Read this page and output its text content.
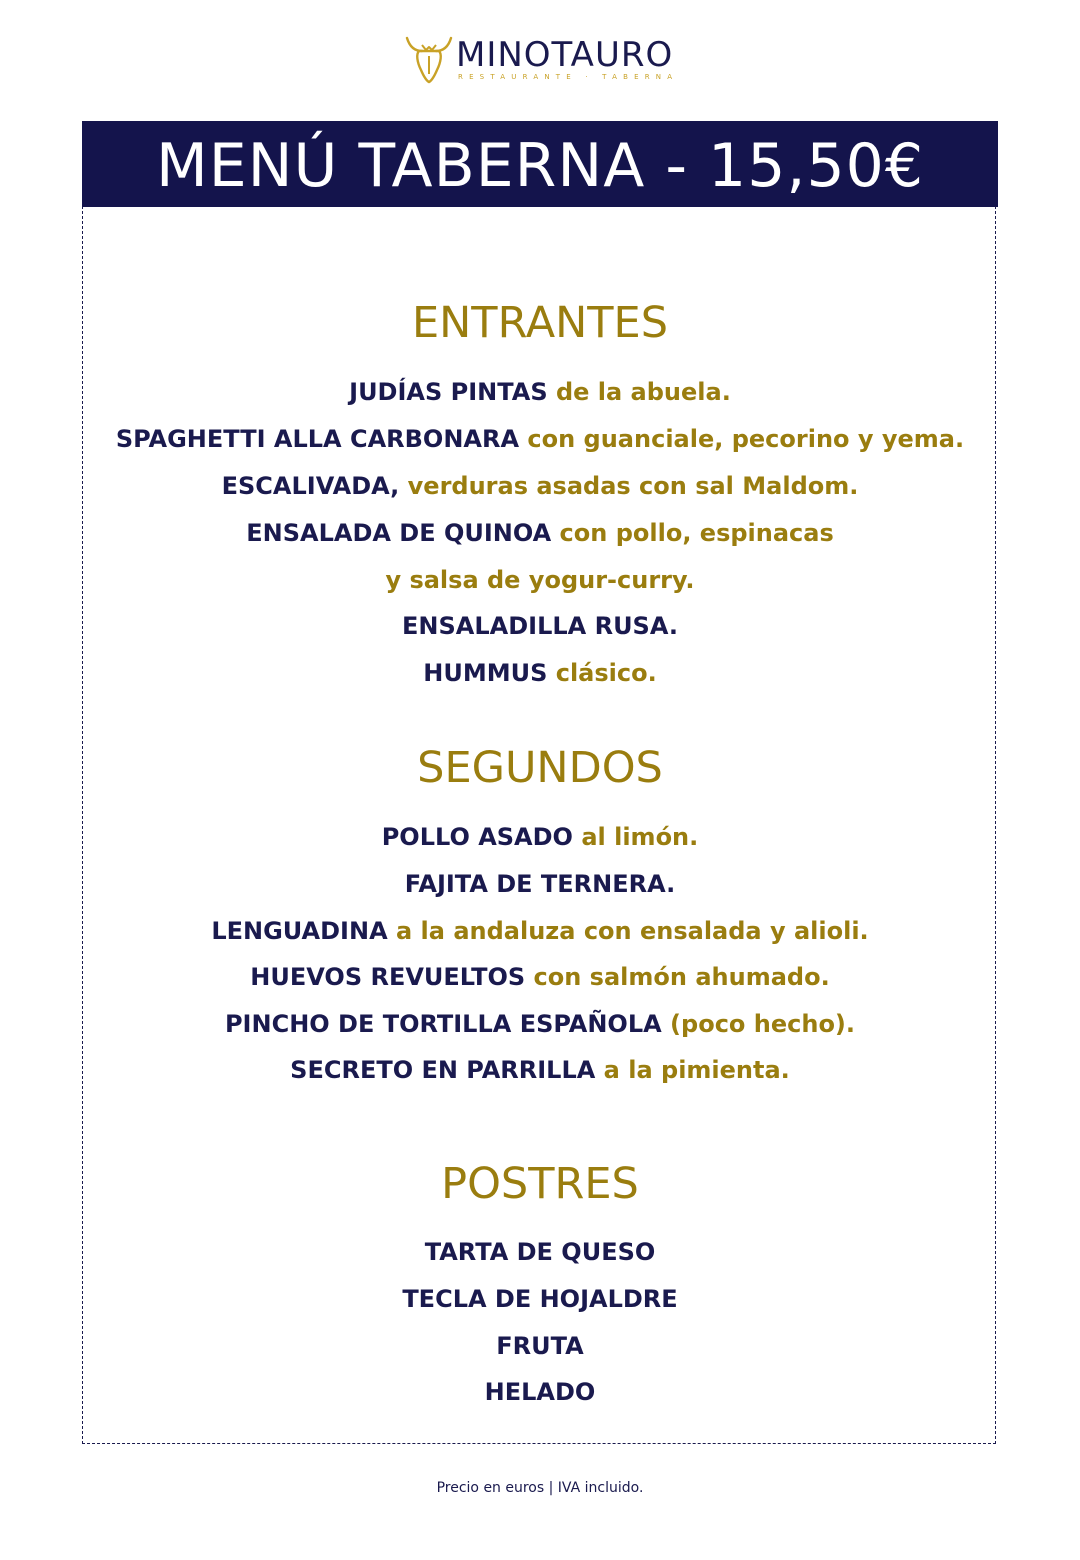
MINOTAURO
RESTAURANTE · TABERNA
MENÚ TABERNA - 15,50€
ENTRANTES
JUDÍAS PINTAS de la abuela.
SPAGHETTI ALLA CARBONARA con guanciale, pecorino y yema.
ESCALIVADA, verduras asadas con sal Maldom.
ENSALADA DE QUINOA con pollo, espinacas
y salsa de yogur-curry.
ENSALADILLA RUSA.
HUMMUS clásico.
SEGUNDOS
POLLO ASADO al limón.
FAJITA DE TERNERA.
LENGUADINA a la andaluza con ensalada y alioli.
HUEVOS REVUELTOS con salmón ahumado.
PINCHO DE TORTILLA ESPAÑOLA (poco hecho).
SECRETO EN PARRILLA a la pimienta.
POSTRES
TARTA DE QUESO
TECLA DE HOJALDRE
FRUTA
HELADO
Precio en euros | IVA incluido.
